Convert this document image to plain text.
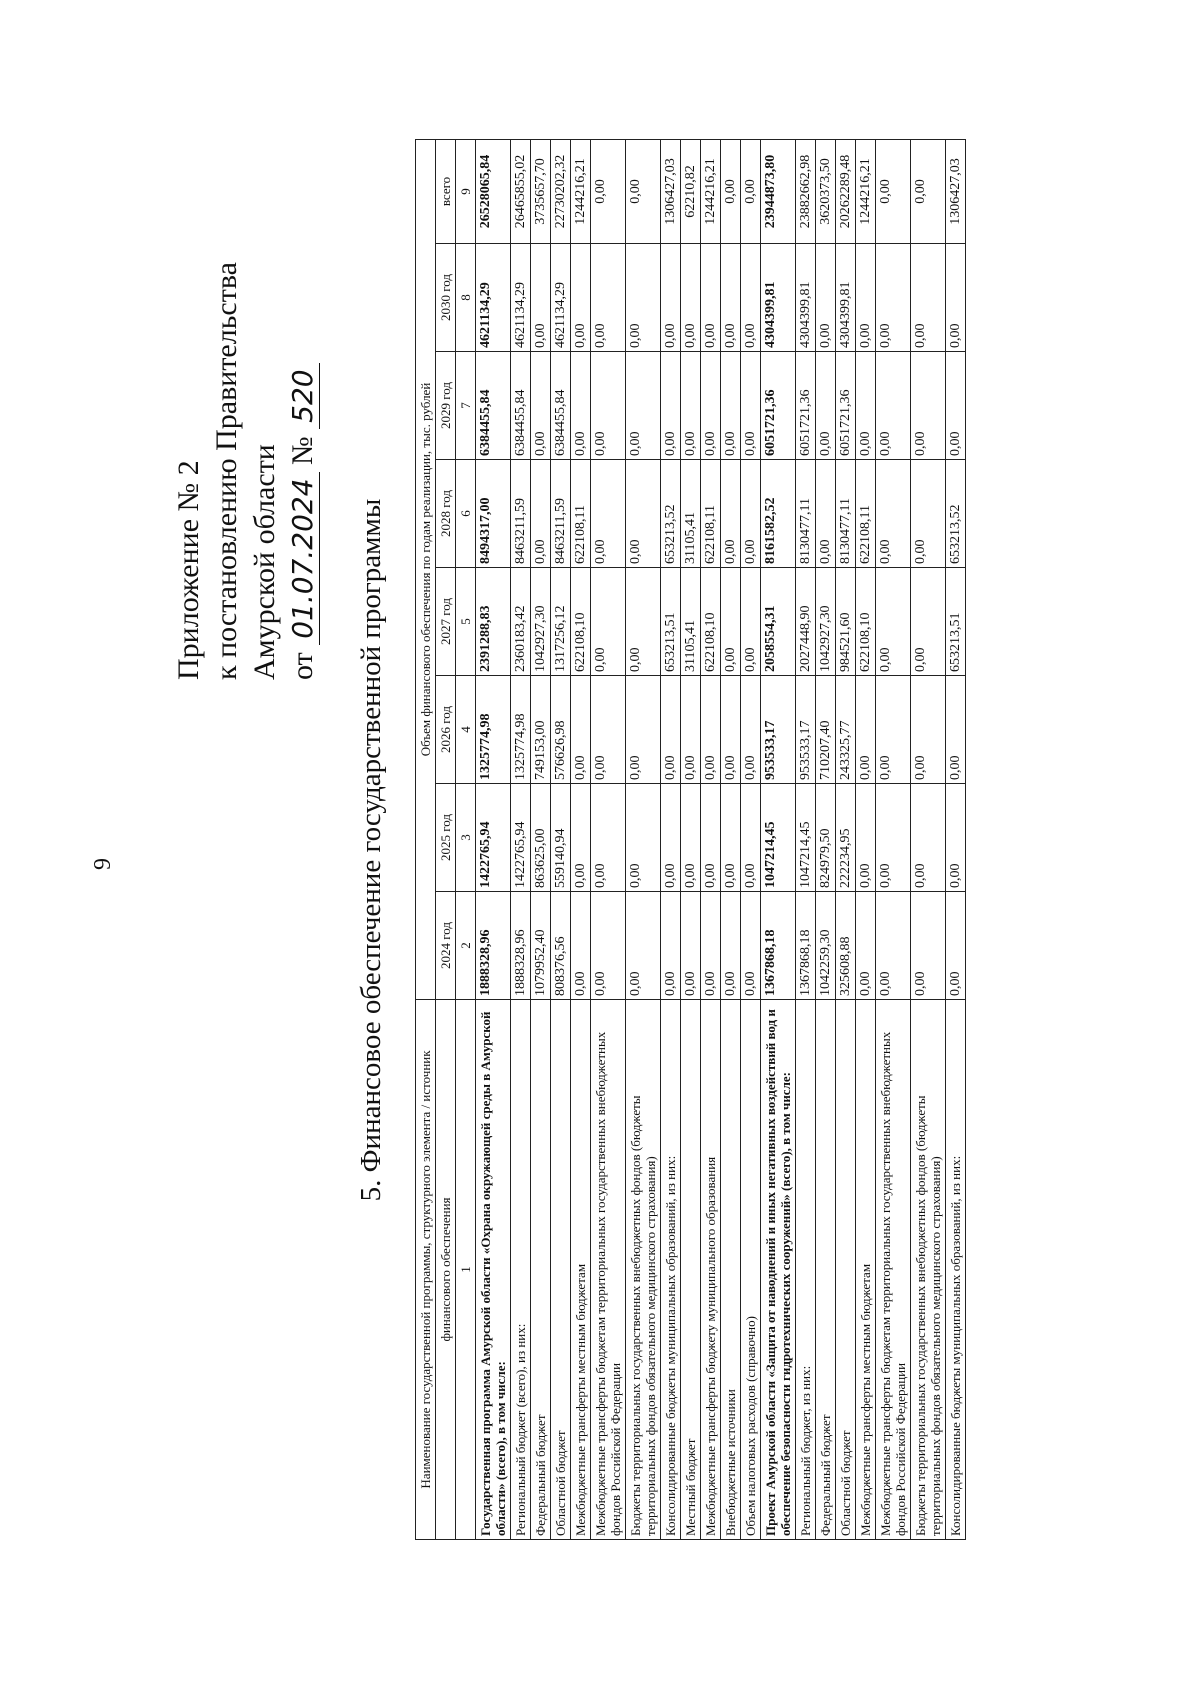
9
Приложение № 2 к постановлению Правительства Амурской области от 01.07.2024 № 520
5. Финансовое обеспечение государственной программы
Наименование государственной программы, структурного элемента / источник	Объем финансового обеспечения по годам реализации, тыс. рублей							
финансового обеспечения	2024 год	2025 год	2026 год	2027 год	2028 год	2029 год	2030 год	всего
1	2	3	4	5	6	7	8	9
Государственная программа Амурской области «Охрана окружающей среды в Амурской области» (всего), в том числе:	1888328,96	1422765,94	1325774,98	2391288,83	8494317,00	6384455,84	4621134,29	26528065,84
Региональный бюджет (всего), из них:	1888328,96	1422765,94	1325774,98	2360183,42	8463211,59	6384455,84	4621134,29	26465855,02
Федеральный бюджет	1079952,40	863625,00	749153,00	1042927,30	0,00	0,00	0,00	3735657,70
Областной бюджет	808376,56	559140,94	576626,98	1317256,12	8463211,59	6384455,84	4621134,29	22730202,32
Межбюджетные трансферты местным бюджетам	0,00	0,00	0,00	622108,10	622108,11	0,00	0,00	1244216,21
Межбюджетные трансферты бюджетам территориальных государственных внебюджетных фондов Российской Федерации	0,00	0,00	0,00	0,00	0,00	0,00	0,00	0,00
Бюджеты территориальных государственных внебюджетных фондов (бюджеты территориальных фондов обязательного медицинского страхования)	0,00	0,00	0,00	0,00	0,00	0,00	0,00	0,00
Консолидированные бюджеты муниципальных образований, из них:	0,00	0,00	0,00	653213,51	653213,52	0,00	0,00	1306427,03
Местный бюджет	0,00	0,00	0,00	31105,41	31105,41	0,00	0,00	62210,82
Межбюджетные трансферты бюджету муниципального образования	0,00	0,00	0,00	622108,10	622108,11	0,00	0,00	1244216,21
Внебюджетные источники	0,00	0,00	0,00	0,00	0,00	0,00	0,00	0,00
Объем налоговых расходов (справочно)	0,00	0,00	0,00	0,00	0,00	0,00	0,00	0,00
Проект Амурской области «Защита от наводнений и иных негативных воздействий вод и обеспечение безопасности гидротехнических сооружений» (всего), в том числе:	1367868,18	1047214,45	953533,17	2058554,31	8161582,52	6051721,36	4304399,81	23944873,80
Региональный бюджет, из них:	1367868,18	1047214,45	953533,17	2027448,90	8130477,11	6051721,36	4304399,81	23882662,98
Федеральный бюджет	1042259,30	824979,50	710207,40	1042927,30	0,00	0,00	0,00	3620373,50
Областной бюджет	325608,88	222234,95	243325,77	984521,60	8130477,11	6051721,36	4304399,81	20262289,48
Межбюджетные трансферты местным бюджетам	0,00	0,00	0,00	622108,10	622108,11	0,00	0,00	1244216,21
Межбюджетные трансферты бюджетам территориальных государственных внебюджетных фондов Российской Федерации	0,00	0,00	0,00	0,00	0,00	0,00	0,00	0,00
Бюджеты территориальных государственных внебюджетных фондов (бюджеты территориальных фондов обязательного медицинского страхования)	0,00	0,00	0,00	0,00	0,00	0,00	0,00	0,00
Консолидированные бюджеты муниципальных образований, из них:	0,00	0,00	0,00	653213,51	653213,52	0,00	0,00	1306427,03
